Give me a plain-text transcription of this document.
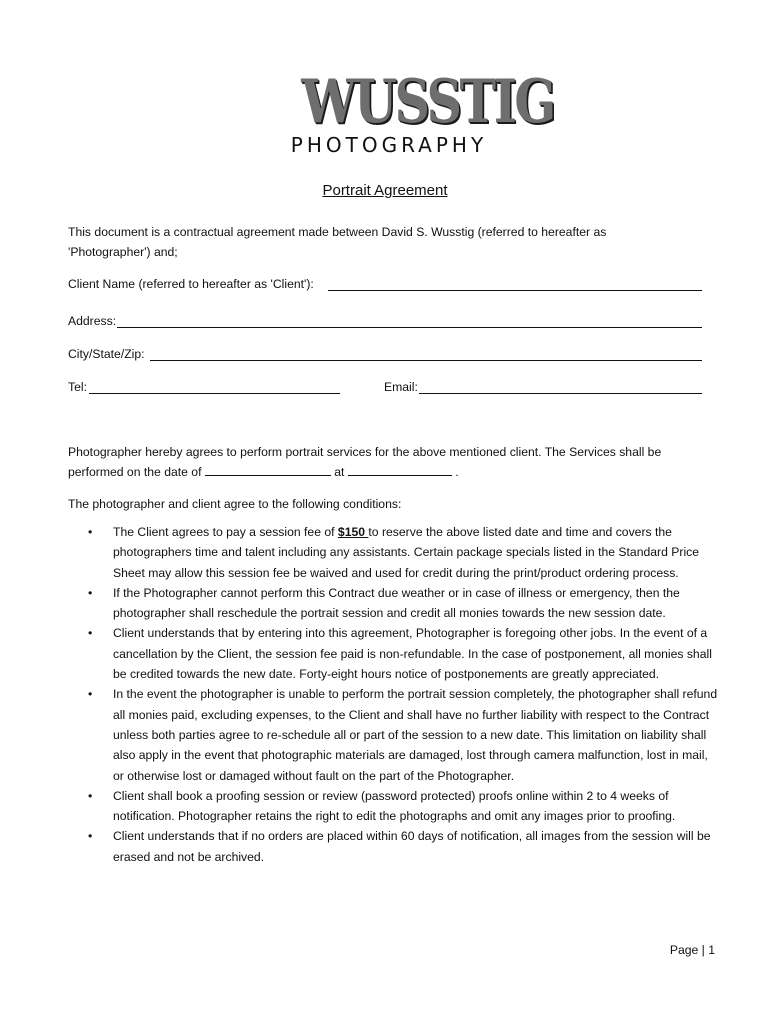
WUSSTIG
PHOTOGRAPHY
Portrait Agreement
This document is a contractual agreement made between David S. Wusstig (referred to hereafter as
'Photographer') and;
Client Name (referred to hereafter as 'Client'):
Address:
City/State/Zip:
Tel:	Email:
Photographer hereby agrees to perform portrait services for the above mentioned client. The Services shall be
performed on the date of	at	.
The photographer and client agree to the following conditions:
• The Client agrees to pay a session fee of $150 to reserve the above listed date and time and covers the photographers time and talent including any assistants. Certain package specials listed in the Standard Price Sheet may allow this session fee be waived and used for credit during the print/product ordering process.
• If the Photographer cannot perform this Contract due weather or in case of illness or emergency, then the photographer shall reschedule the portrait session and credit all monies towards the new session date.
• Client understands that by entering into this agreement, Photographer is foregoing other jobs. In the event of a cancellation by the Client, the session fee paid is non-refundable. In the case of postponement, all monies shall be credited towards the new date. Forty-eight hours notice of postponements are greatly appreciated.
• In the event the photographer is unable to perform the portrait session completely, the photographer shall refund all monies paid, excluding expenses, to the Client and shall have no further liability with respect to the Contract unless both parties agree to re-schedule all or part of the session to a new date. This limitation on liability shall also apply in the event that photographic materials are damaged, lost through camera malfunction, lost in mail, or otherwise lost or damaged without fault on the part of the Photographer.
• Client shall book a proofing session or review (password protected) proofs online within 2 to 4 weeks of notification. Photographer retains the right to edit the photographs and omit any images prior to proofing.
• Client understands that if no orders are placed within 60 days of notification, all images from the session will be erased and not be archived.
Page | 1
